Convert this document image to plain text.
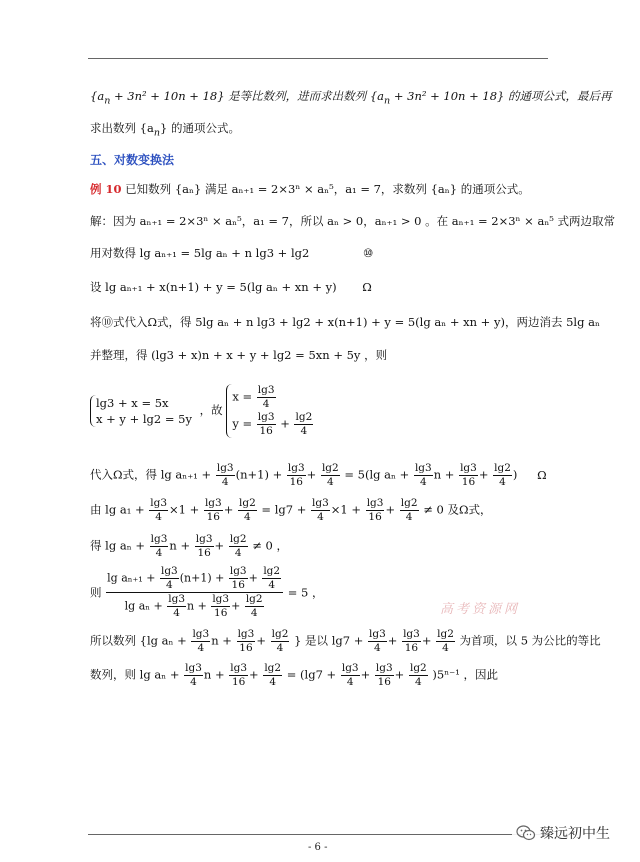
$\{a_n + 3n^2 + 10n + 18\}$ 是等比数列，进而求出数列 $\{a_n + 3n^2 + 10n + 18\}$ 的通项公式，最后再
求出数列 $\{a_n\}$ 的通项公式。
五、对数变换法
例 10 已知数列 {aₙ} 满足 aₙ₊₁ = 2×3ⁿ × aₙ⁵，a₁ = 7，求数列 {aₙ} 的通项公式。
解：因为 aₙ₊₁ = 2×3ⁿ × aₙ⁵，a₁ = 7，所以 aₙ > 0，aₙ₊₁ > 0 。在 aₙ₊₁ = 2×3ⁿ × aₙ⁵ 式两边取常
用对数得 lg aₙ₊₁ = 5lg aₙ + n lg3 + lg2	⑩
设 lg aₙ₊₁ + x(n+1) + y = 5(lg aₙ + xn + y) Ω
将⑩式代入Ω式，得 5lg aₙ + n lg3 + lg2 + x(n+1) + y = 5(lg aₙ + xn + y)，两边消去 5lg aₙ
并整理，得 (lg3 + x)n + x + y + lg2 = 5xn + 5y ，则
lg3 + x = 5x
x + y + lg2 = 5y
，故
$x = \frac{\lg 3}{4}$
$y = \frac{\lg 3}{16} + \frac{\lg 2}{4}$
代入Ω式，得 $\lg a_{n+1} + \frac{\lg 3}{4} (n+1) + \frac{\lg 3}{16} + \frac{\lg 2}{4} = 5(\lg$ $a_n + \frac{\lg 3}{4}$ $n + \frac{\lg 3}{16} + \frac{\lg 2}{4}$ ) Ω
由 $\lg a_1 + \frac{\lg 3}{4} \times 1 + \frac{\lg 3}{16} + \frac{\lg 2}{4} = \lg 7 + \frac{\lg 3}{4} \times 1 + \frac{\lg 3}{16} + \frac{\lg 2}{4} \ne 0$ 及Ω式，
得 $\lg a_n + \frac{\lg 3}{4}$ $n + \frac{\lg 3}{16} + \frac{\lg 2}{4} \ne 0$ ，
则 $\frac{\lg a_{n+1} + \frac{\lg 3}{4} (n+1) + \frac{\lg 3}{16} + \frac{\lg 2}{4}}{\lg a_n + \frac{\lg 3}{4} n + \frac{\lg 3}{16} + \frac{\lg 2}{4}} = 5$ ，
所以数列 {lg $a_n + \frac{\lg 3}{4}$ $n + \frac{\lg 3}{16} + \frac{\lg 2}{4}$ } 是以 $\lg 7 + \frac{\lg 3}{4} + \frac{\lg 3}{16} + \frac{\lg 2}{4}$ 为首项，以 5 为公比的等比
数列，则 $\lg a_n + \frac{\lg 3}{4}$ $n + \frac{\lg 3}{16} + \frac{\lg 2}{4} = (\lg 7 + \frac{\lg 3}{4} + \frac{\lg 3}{16} + \frac{\lg 2}{4} )5^{n-1}$ ，因此
高考资源网
- 6 -
臻远初中生
